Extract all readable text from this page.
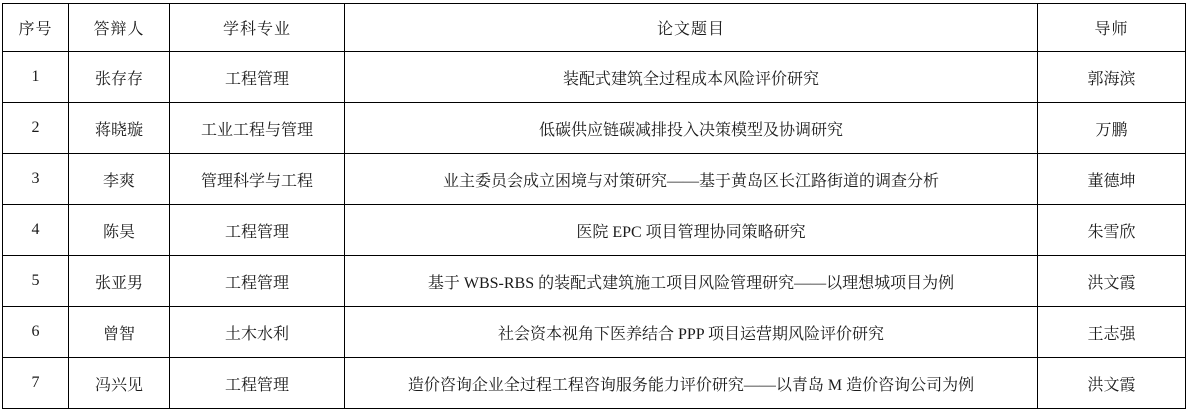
序号	答辩人	学科专业	论文题目	导师
1	张存存	工程管理	装配式建筑全过程成本风险评价研究	郭海滨
2	蒋晓璇	工业工程与管理	低碳供应链碳减排投入决策模型及协调研究	万鹏
3	李爽	管理科学与工程	业主委员会成立困境与对策研究——基于黄岛区长江路街道的调查分析	董德坤
4	陈昊	工程管理	医院 EPC 项目管理协同策略研究	朱雪欣
5	张亚男	工程管理	基于 WBS-RBS 的装配式建筑施工项目风险管理研究——以理想城项目为例	洪文霞
6	曾智	土木水利	社会资本视角下医养结合 PPP 项目运营期风险评价研究	王志强
7	冯兴见	工程管理	造价咨询企业全过程工程咨询服务能力评价研究——以青岛 M 造价咨询公司为例	洪文霞
